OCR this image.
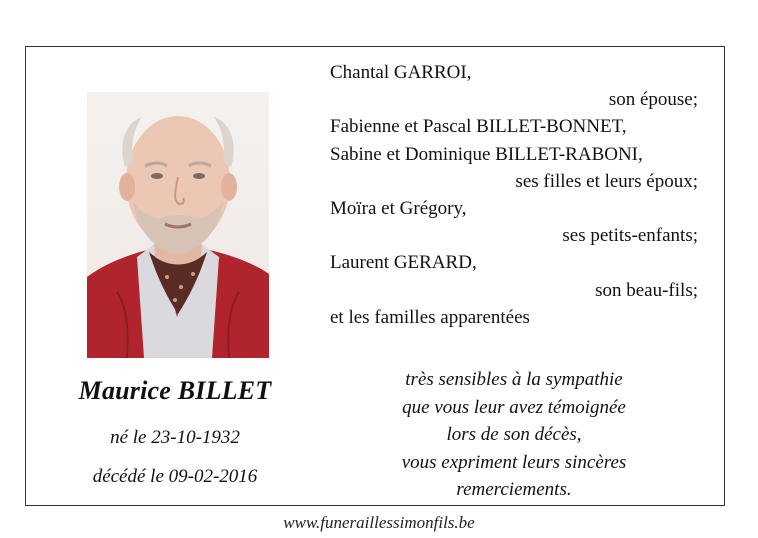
Maurice BILLET
né le 23-10-1932
décédé le 09-02-2016
Chantal GARROI,
son épouse;
Fabienne et Pascal BILLET-BONNET,
Sabine et Dominique BILLET-RABONI,
ses filles et leurs époux;
Moïra et Grégory,
ses petits-enfants;
Laurent GERARD,
son beau-fils;
et les familles apparentées
très sensibles à la sympathie
que vous leur avez témoignée
lors de son décès,
vous expriment leurs sincères
remerciements.
www.funeraillessimonfils.be
